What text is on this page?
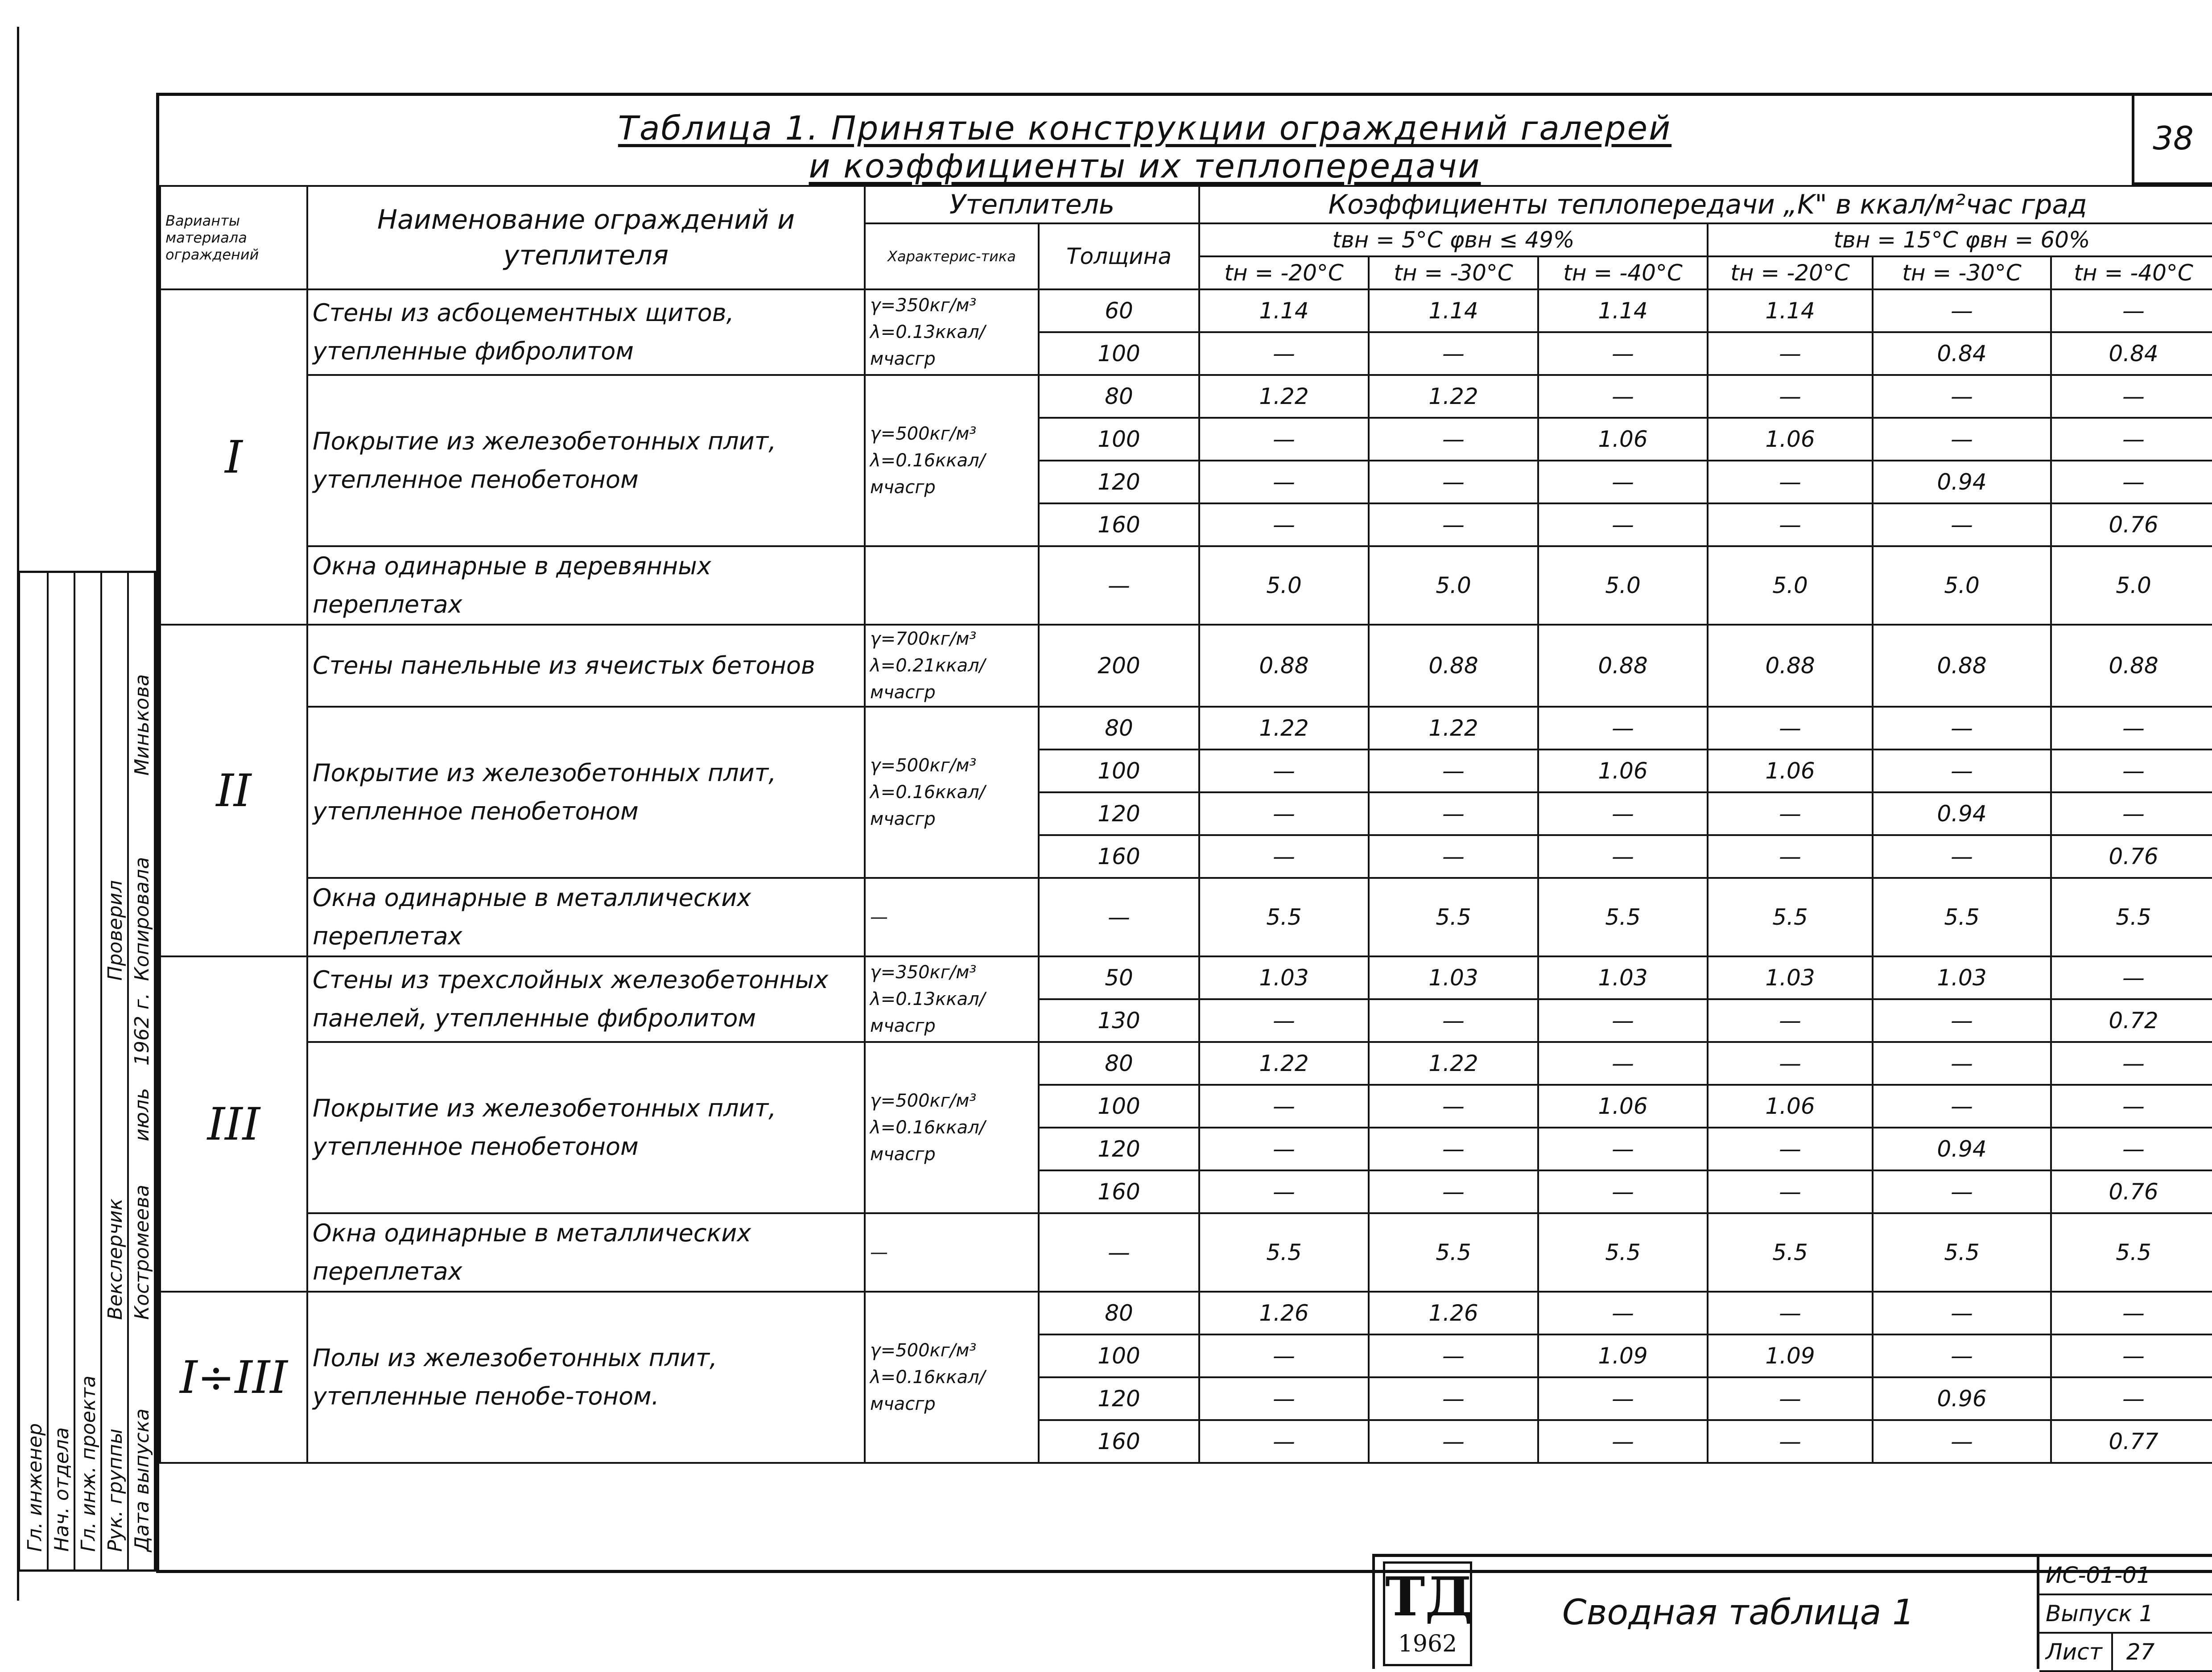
Гл. инженер Нач. отдела Гл. инж. проекта Рук. группы Дата выпуска
Векслерчик Костромеева
июль
Проверил Копировала
Минькова
1962 г.
Таблица 1. Принятые конструкции ограждений галерей
и коэффициенты их теплопередачи
38
Варианты материала ограждений	Наименование ограждений и утеплителя	Утеплитель		Коэффициенты теплопередачи „K" в ккал/м²час град					
		Характерис-тика	Толщина	tвн = 5°C φвн ≤ 49%			tвн = 15°C φвн = 60%		
				tн = -20°C	tн = -30°C	tн = -40°C	tн = -20°C	tн = -30°C	tн = -40°C
I	Стены из асбоцементных щитов, утепленные фибролитом	γ=350кг/м³ λ=0.13ккал/мчасгр	60	1.14	1.14	1.14	1.14	—	—
			100	—	—	—	—	0.84	0.84
	Покрытие из железобетонных плит, утепленное пенобетоном	γ=500кг/м³ λ=0.16ккал/мчасгр	80	1.22	1.22	—	—	—	—
			100	—	—	1.06	1.06	—	—
			120	—	—	—	—	0.94	—
			160	—	—	—	—	—	0.76
	Окна одинарные в деревянных переплетах		—	5.0	5.0	5.0	5.0	5.0	5.0
II	Стены панельные из ячеистых бетонов	γ=700кг/м³ λ=0.21ккал/мчасгр	200	0.88	0.88	0.88	0.88	0.88	0.88
	Покрытие из железобетонных плит, утепленное пенобетоном	γ=500кг/м³ λ=0.16ккал/мчасгр	80	1.22	1.22	—	—	—	—
			100	—	—	1.06	1.06	—	—
			120	—	—	—	—	0.94	—
			160	—	—	—	—	—	0.76
	Окна одинарные в металлических переплетах	—	—	5.5	5.5	5.5	5.5	5.5	5.5
III	Стены из трехслойных железобетонных панелей, утепленные фибролитом	γ=350кг/м³ λ=0.13ккал/мчасгр	50	1.03	1.03	1.03	1.03	1.03	—
			130	—	—	—	—	—	0.72
	Покрытие из железобетонных плит, утепленное пенобетоном	γ=500кг/м³ λ=0.16ккал/мчасгр	80	1.22	1.22	—	—	—	—
			100	—	—	1.06	1.06	—	—
			120	—	—	—	—	0.94	—
			160	—	—	—	—	—	0.76
	Окна одинарные в металлических переплетах	—	—	5.5	5.5	5.5	5.5	5.5	5.5
I÷III	Полы из железобетонных плит, утепленные пенобе-тоном.	γ=500кг/м³ λ=0.16ккал/мчасгр	80	1.26	1.26	—	—	—	—
			100	—	—	1.09	1.09	—	—
			120	—	—	—	—	0.96	—
			160	—	—	—	—	—	0.77
ТД
1962
Сводная таблица 1
ИС-01-01
Выпуск 1
Лист 27
